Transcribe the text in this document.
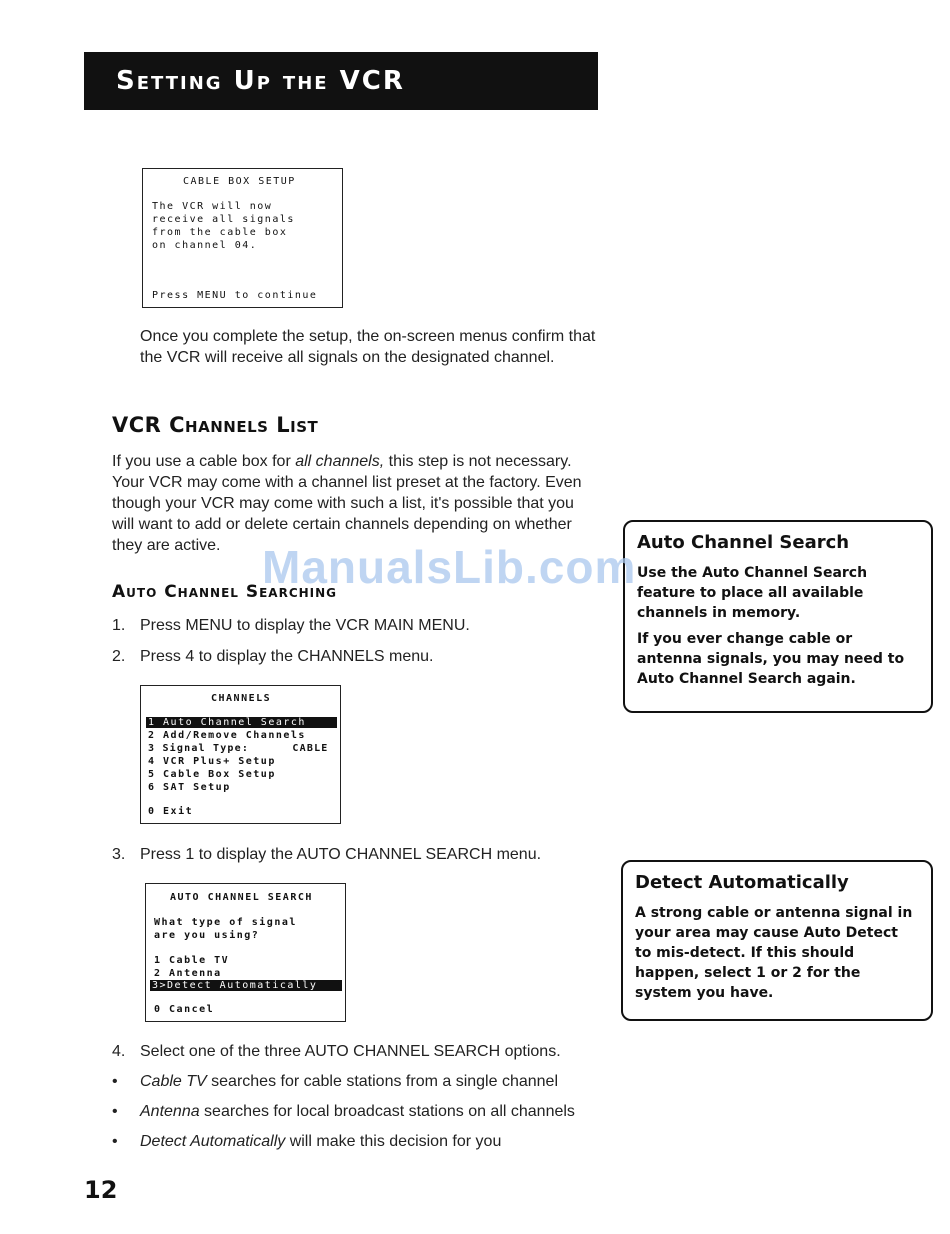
Setting Up the VCR
CABLE BOX SETUP
The VCR will now
receive all signals
from the cable box
on channel 04.
Press MENU to continue
Once you complete the setup, the on-screen menus confirm that the VCR will receive all signals on the designated channel.
VCR Channels List
If you use a cable box for all channels, this step is not necessary. Your VCR may come with a channel list preset at the factory. Even though your VCR may come with such a list, it's possible that you will want to add or delete certain channels depending on whether they are active.
Auto Channel Searching
1. Press MENU to display the VCR MAIN MENU.
2. Press 4 to display the CHANNELS menu.
CHANNELS
1 Auto Channel Search
2 Add/Remove Channels
3 Signal Type:      CABLE
4 VCR Plus+ Setup
5 Cable Box Setup
6 SAT Setup
0 Exit
3. Press 1 to display the AUTO CHANNEL SEARCH menu.
AUTO CHANNEL SEARCH
What type of signal
are you using?
1 Cable TV
2 Antenna
3>Detect Automatically
0 Cancel
4. Select one of the three AUTO CHANNEL SEARCH options.
• Cable TV searches for cable stations from a single channel
• Antenna searches for local broadcast stations on all channels
• Detect Automatically will make this decision for you
Auto Channel Search
Use the Auto Channel Search feature to place all available channels in memory.
If you ever change cable or antenna signals, you may need to Auto Channel Search again.
Detect Automatically
A strong cable or antenna signal in your area may cause Auto Detect to mis-detect. If this should happen, select 1 or 2 for the system you have.
ManualsLib.com
12
